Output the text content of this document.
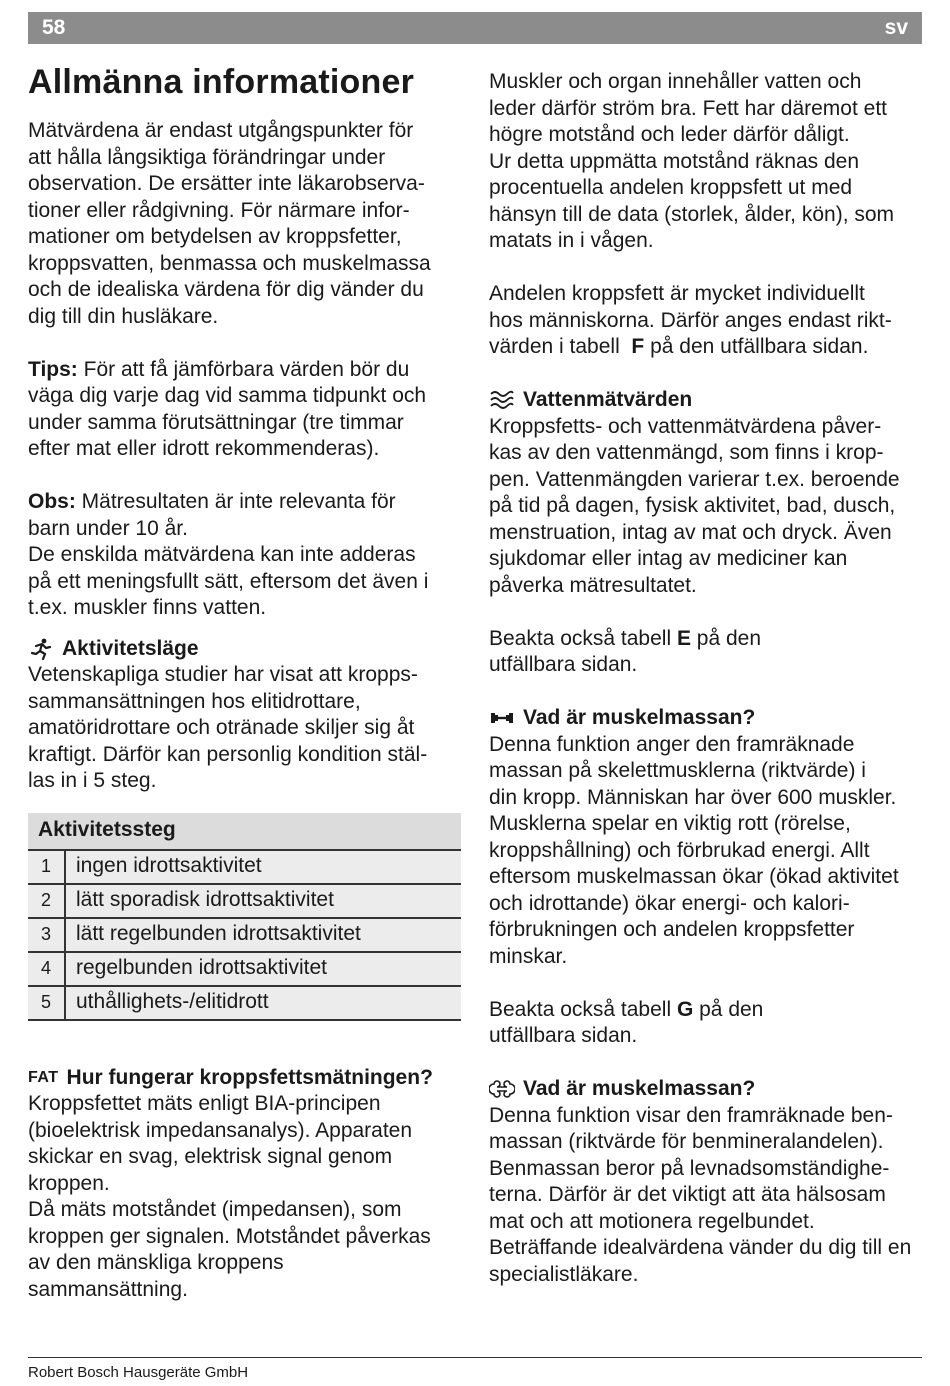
58	sv
Allmänna informationer

Mätvärdena är endast utgångspunkter för

att hålla långsiktiga förändringar under

observation. De ersätter inte läkarobserva-

tioner eller rådgivning. För närmare infor-

mationer om betydelsen av kroppsfetter,

kroppsvatten, benmassa och muskelmassa

och de idealiska värdena för dig vänder du

dig till din husläkare.

Tips: För att få jämförbara värden bör du

väga dig varje dag vid samma tidpunkt och

under samma förutsättningar (tre timmar

efter mat eller idrott rekommenderas).

Obs: Mätresultaten är inte relevanta för

barn under 10 år.

De enskilda mätvärdena kan inte adderas

på ett meningsfullt sätt, eftersom det även i

t.ex. muskler finns vatten.

Aktivitetsläge

Vetenskapliga studier har visat att kropps-

sammansättningen hos elitidrottare,

amatöridrottare och otränade skiljer sig åt

kraftigt. Därför kan personlig kondition stäl-

las in i 5 steg.

Aktivitetssteg	
1	ingen idrottsaktivitet
2	lätt sporadisk idrottsaktivitet
3	lätt regelbunden idrottsaktivitet
4	regelbunden idrottsaktivitet
5	uthållighets-/elitidrott
FAT Hur fungerar kroppsfettsmätningen?

Kroppsfettet mäts enligt BIA-principen

(bioelektrisk impedansanalys). Apparaten

skickar en svag, elektrisk signal genom

kroppen.

Då mäts motståndet (impedansen), som

kroppen ger signalen. Motståndet påverkas

av den mänskliga kroppens

sammansättning.

Muskler och organ innehåller vatten och

leder därför ström bra. Fett har däremot ett

högre motstånd och leder därför dåligt.

Ur detta uppmätta motstånd räknas den

procentuella andelen kroppsfett ut med

hänsyn till de data (storlek, ålder, kön), som

matats in i vågen.

Andelen kroppsfett är mycket individuellt

hos människorna. Därför anges endast rikt-

värden i tabell  F på den utfällbara sidan.

Vattenmätvärden

Kroppsfetts- och vattenmätvärdena påver-

kas av den vattenmängd, som finns i krop-

pen. Vattenmängden varierar t.ex. beroende

på tid på dagen, fysisk aktivitet, bad, dusch,

menstruation, intag av mat och dryck. Även

sjukdomar eller intag av mediciner kan

påverka mätresultatet.

Beakta också tabell E på den

utfällbara sidan.

Vad är muskelmassan?

Denna funktion anger den framräknade

massan på skelettmusklerna (riktvärde) i

din kropp. Människan har över 600 muskler.

Musklerna spelar en viktig rott (rörelse,

kroppshållning) och förbrukad energi. Allt

eftersom muskelmassan ökar (ökad aktivitet

och idrottande) ökar energi- och kalori-

förbrukningen och andelen kroppsfetter

minskar.

Beakta också tabell G på den

utfällbara sidan.

Vad är muskelmassan?

Denna funktion visar den framräknade ben-

massan (riktvärde för benmineralandelen).

Benmassan beror på levnadsomständighe-

terna. Därför är det viktigt att äta hälsosam

mat och att motionera regelbundet.

Beträffande idealvärdena vänder du dig till en

specialistläkare.

Robert Bosch Hausgeräte GmbH
